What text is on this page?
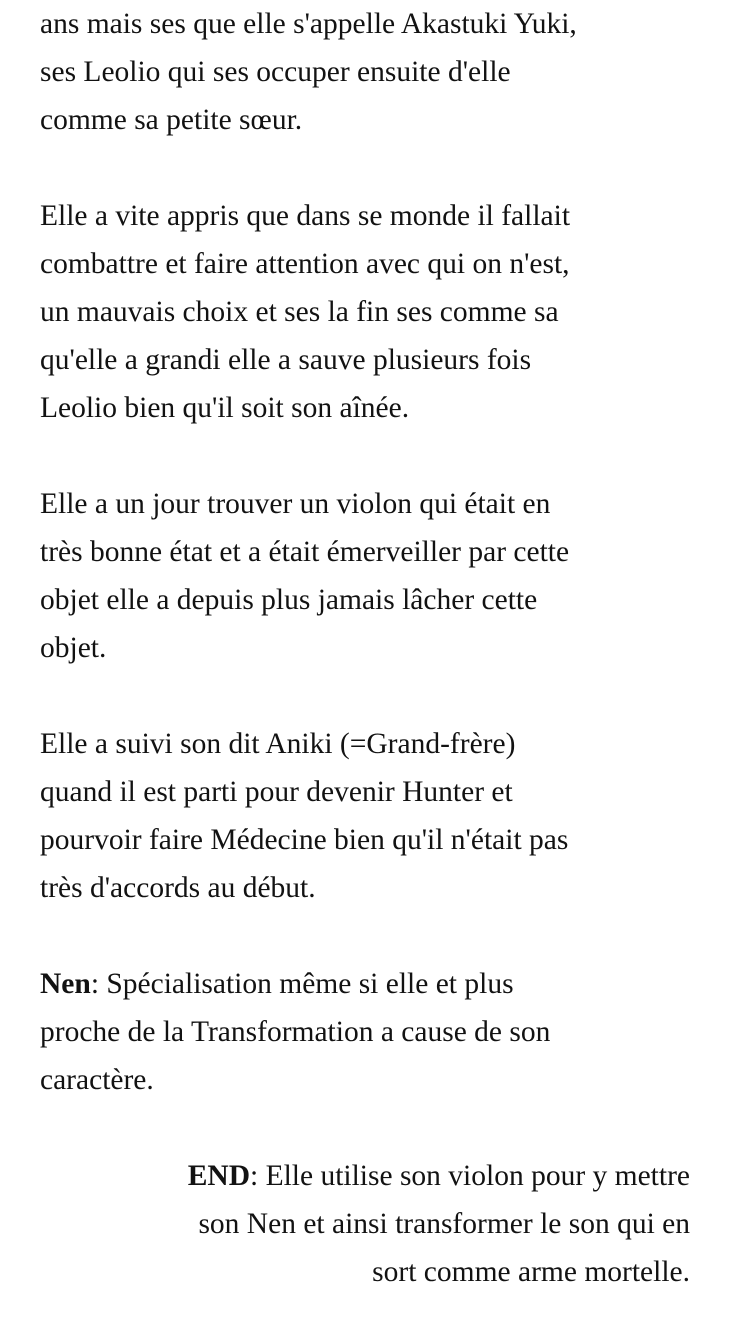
ans mais ses que elle s'appelle Akastuki Yuki,
ses Leolio qui ses occuper ensuite d'elle
comme sa petite sœur.

Elle a vite appris que dans se monde il fallait
combattre et faire attention avec qui on n'est,
un mauvais choix et ses la fin ses comme sa
qu'elle a grandi elle a sauve plusieurs fois
Leolio bien qu'il soit son aînée.

Elle a un jour trouver un violon qui était en
très bonne état et a était émerveiller par cette
objet elle a depuis plus jamais lâcher cette
objet.

Elle a suivi son dit Aniki (=Grand-frère)
quand il est parti pour devenir Hunter et
pourvoir faire Médecine bien qu'il n'était pas
très d'accords au début.

Nen: Spécialisation même si elle et plus
proche de la Transformation a cause de son
caractère.

END: Elle utilise son violon pour y mettre
son Nen et ainsi transformer le son qui en
sort comme arme mortelle.
